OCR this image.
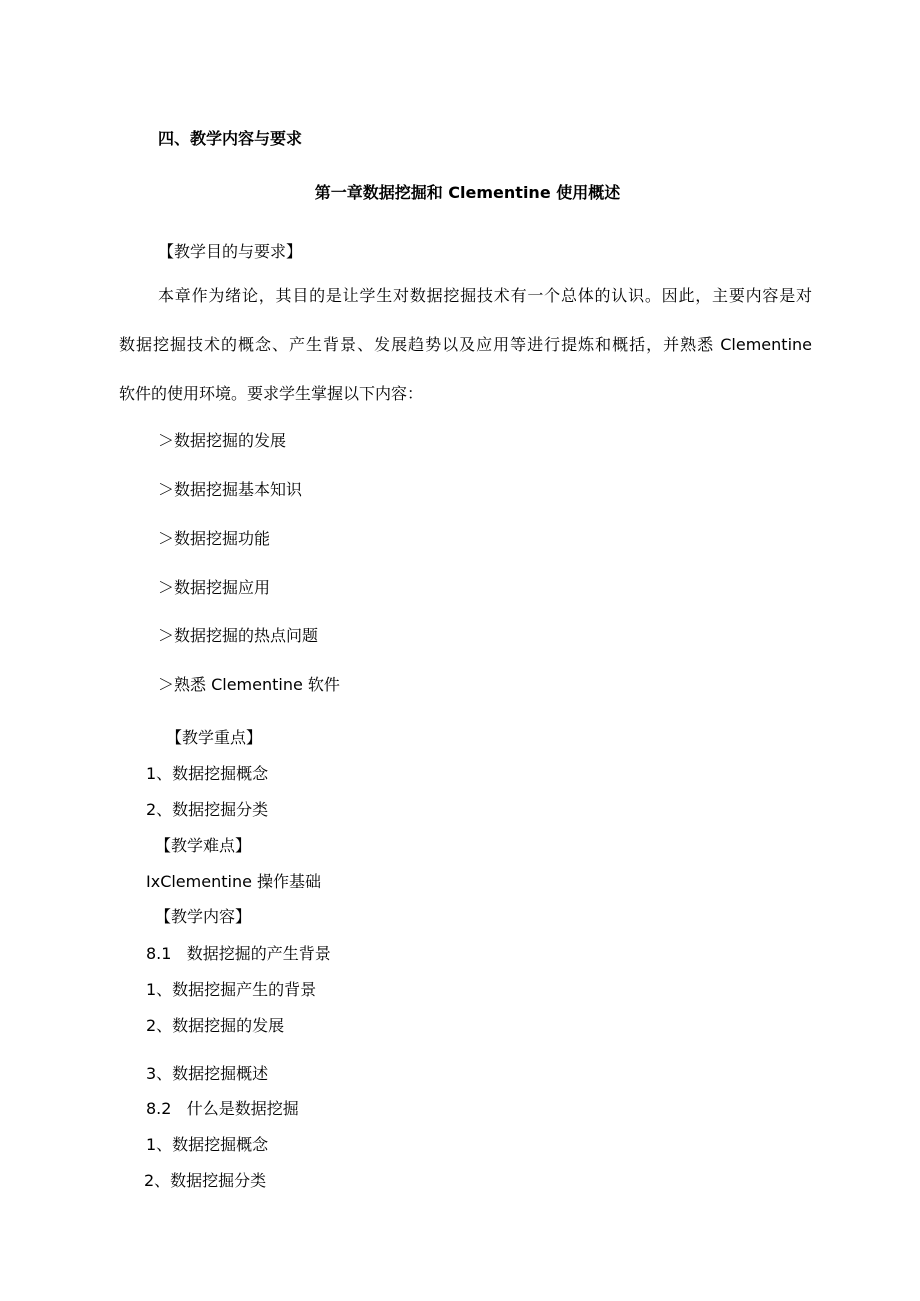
四、教学内容与要求
第一章数据挖掘和 Clementine 使用概述
【教学目的与要求】
本章作为绪论，其目的是让学生对数据挖掘技术有一个总体的认识。因此，主要内容是对
数据挖掘技术的概念、产生背景、发展趋势以及应用等进行提炼和概括，并熟悉 Clementine
软件的使用环境。要求学生掌握以下内容：
＞数据挖掘的发展
＞数据挖掘基本知识
＞数据挖掘功能
＞数据挖掘应用
＞数据挖掘的热点问题
＞熟悉 Clementine 软件
【教学重点】
1、数据挖掘概念
2、数据挖掘分类
【教学难点】
IxClementine 操作基础
【教学内容】
8.1   数据挖掘的产生背景
1、数据挖掘产生的背景
2、数据挖掘的发展
3、数据挖掘概述
8.2   什么是数据挖掘
1、数据挖掘概念
2、数据挖掘分类
